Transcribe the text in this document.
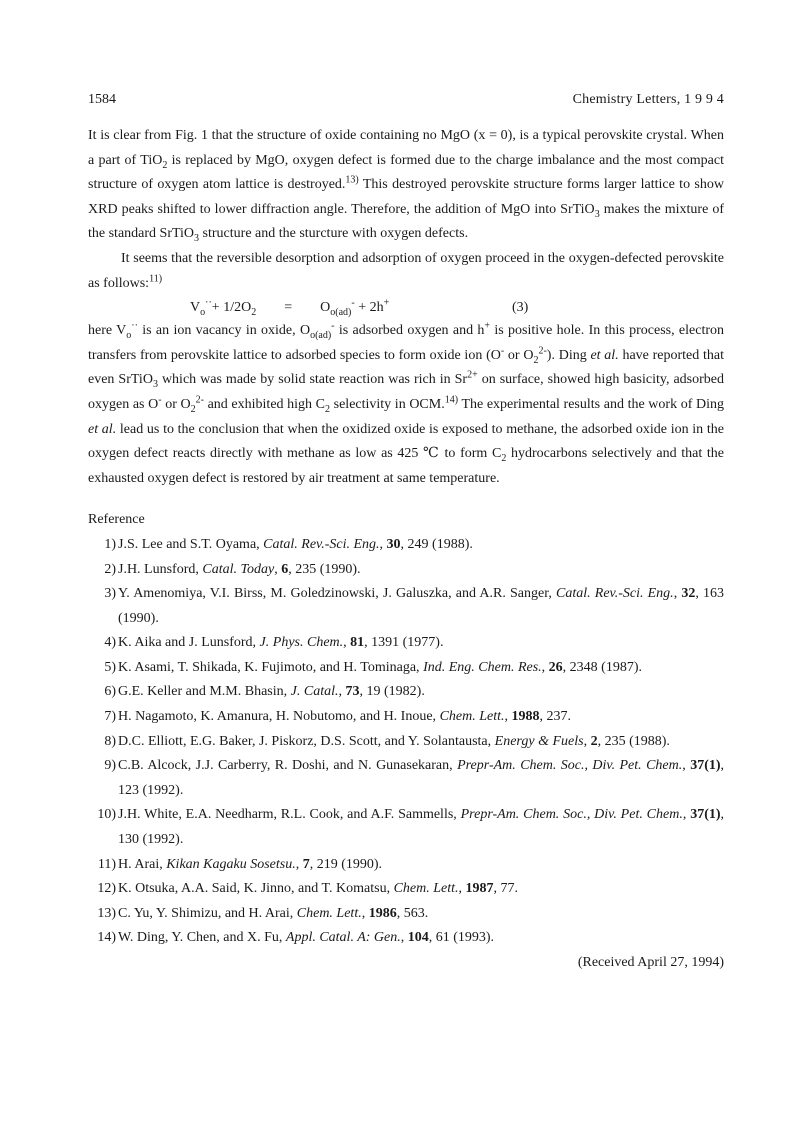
1584	Chemistry Letters, 1 9 9 4

It is clear from Fig. 1 that the structure of oxide containing no MgO (x = 0), is a typical perovskite crystal. When a part of TiO$_2$ is replaced by MgO, oxygen defect is formed due to the charge imbalance and the most compact structure of oxygen atom lattice is destroyed.$^{13)}$ This destroyed perovskite structure forms larger lattice to show XRD peaks shifted to lower diffraction angle. Therefore, the addition of MgO into SrTiO$_3$ makes the mixture of the standard SrTiO$_3$ structure and the sturcture with oxygen defects.

It seems that the reversible desorption and adsorption of oxygen proceed in the oxygen-defected perovskite as follows:$^{11)}$

$V_o^{\cdot\cdot}+ 1/2O_2 = O_{o(ad)}^- + 2h^+$	(3)

here $V_o^{\cdot\cdot}$ is an ion vacancy in oxide, $O_{o(ad)}^-$ is adsorbed oxygen and h+ is positive hole. In this process, electron transfers from perovskite lattice to adsorbed species to form oxide ion (O- or $O_2^{2-}$). Ding et al. have reported that even SrTiO$_3$ which was made by solid state reaction was rich in $Sr^{2+}$ on surface, showed high basicity, adsorbed oxygen as O- or $O_2^{2-}$ and exhibited high $C_2$ selectivity in OCM.$^{14)}$ The experimental results and the work of Ding et al. lead us to the conclusion that when the oxidized oxide is exposed to methane, the adsorbed oxide ion in the oxygen defect reacts directly with methane as low as 425 ℃ to form $C_2$ hydrocarbons selectively and that the exhausted oxygen defect is restored by air treatment at same temperature.

Reference
1) J.S. Lee and S.T. Oyama, Catal. Rev.-Sci. Eng., 30, 249 (1988).
2) J.H. Lunsford, Catal. Today, 6, 235 (1990).
3) Y. Amenomiya, V.I. Birss, M. Goledzinowski, J. Galuszka, and A.R. Sanger, Catal. Rev.-Sci. Eng., 32, 163 (1990).
4) K. Aika and J. Lunsford, J. Phys. Chem., 81, 1391 (1977).
5) K. Asami, T. Shikada, K. Fujimoto, and H. Tominaga, Ind. Eng. Chem. Res., 26, 2348 (1987).
6) G.E. Keller and M.M. Bhasin, J. Catal., 73, 19 (1982).
7) H. Nagamoto, K. Amanura, H. Nobutomo, and H. Inoue, Chem. Lett., 1988, 237.
8) D.C. Elliott, E.G. Baker, J. Piskorz, D.S. Scott, and Y. Solantausta, Energy & Fuels, 2, 235 (1988).
9) C.B. Alcock, J.J. Carberry, R. Doshi, and N. Gunasekaran, Prepr-Am. Chem. Soc., Div. Pet. Chem., 37(1), 123 (1992).
10) J.H. White, E.A. Needharm, R.L. Cook, and A.F. Sammells, Prepr-Am. Chem. Soc., Div. Pet. Chem., 37(1), 130 (1992).
11) H. Arai, Kikan Kagaku Sosetsu., 7, 219 (1990).
12) K. Otsuka, A.A. Said, K. Jinno, and T. Komatsu, Chem. Lett., 1987, 77.
13) C. Yu, Y. Shimizu, and H. Arai, Chem. Lett., 1986, 563.
14) W. Ding, Y. Chen, and X. Fu, Appl. Catal. A: Gen., 104, 61 (1993).
(Received April 27, 1994)
